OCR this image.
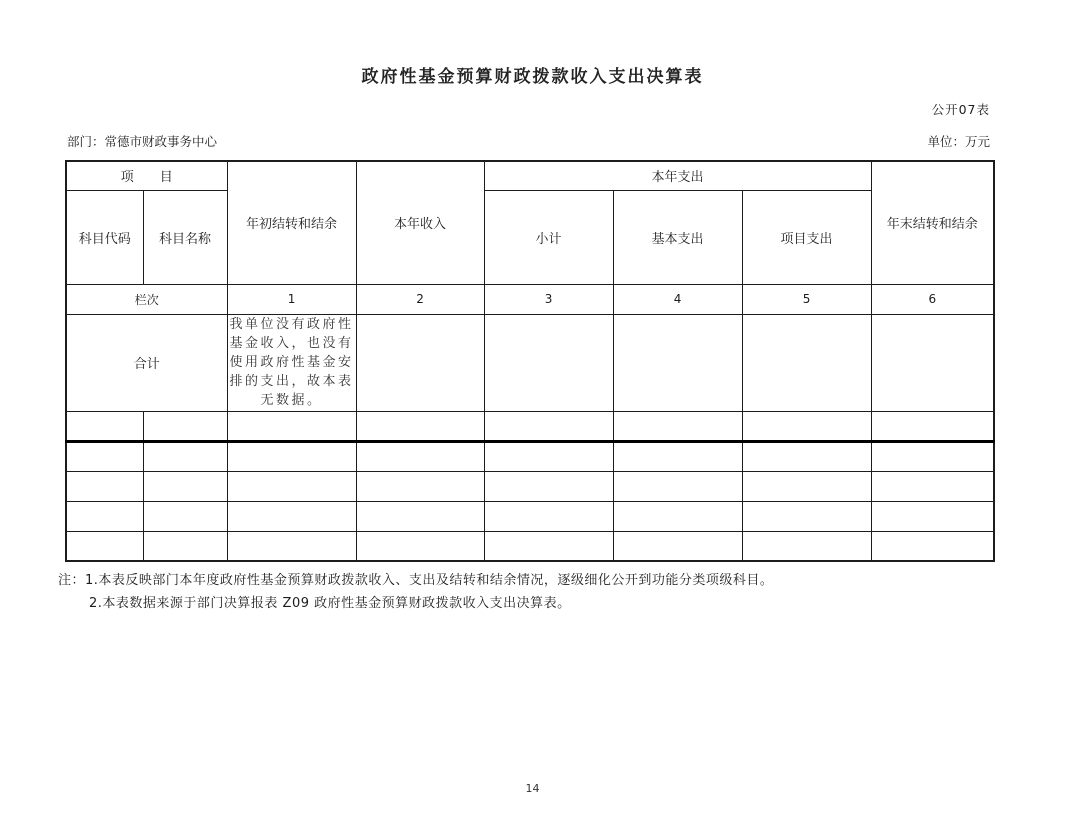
政府性基金预算财政拨款收入支出决算表
公开07表
部门：常德市财政事务中心	单位：万元
项　　目		年初结转和结余	本年收入	本年支出			年末结转和结余
科目代码	科目名称			小计	基本支出	项目支出	
栏次		1	2	3	4	5	6
合计		我单位没有政府性基金收入，也没有使用政府性基金安排的支出，故本表无数据。					

注：1.本表反映部门本年度政府性基金预算财政拨款收入、支出及结转和结余情况，逐级细化公开到功能分类项级科目。
2.本表数据来源于部门决算报表 Z09 政府性基金预算财政拨款收入支出决算表。
14
